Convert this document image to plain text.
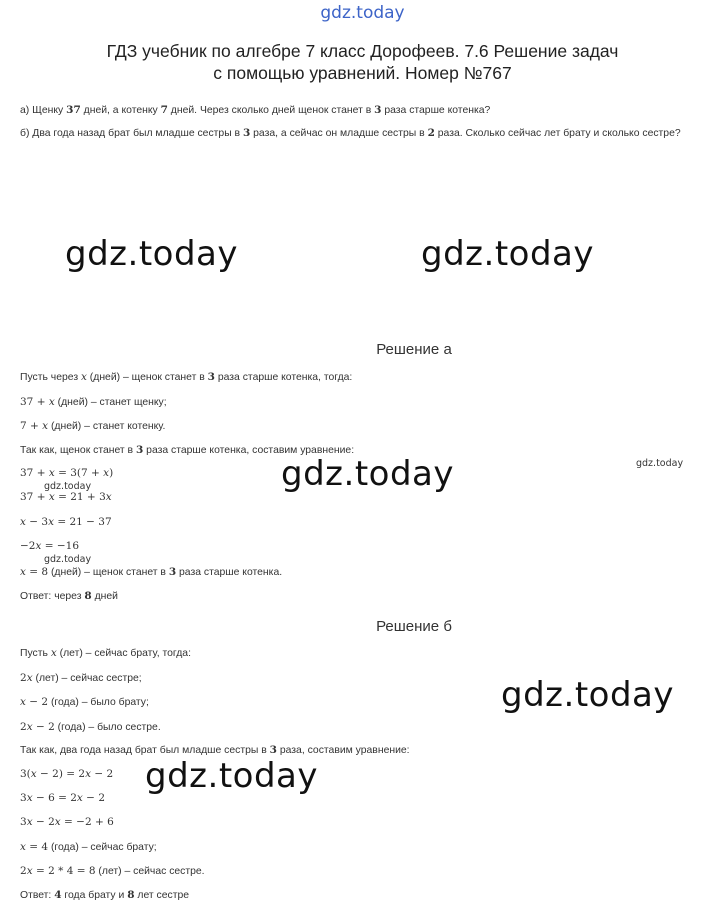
gdz.today
ГДЗ учебник по алгебре 7 класс Дорофеев. 7.6 Решение задач
с помощью уравнений. Номер №767
а) Щенку 37 дней, а котенку 7 дней. Через сколько дней щенок станет в 3 раза старше котенка?
б) Два года назад брат был младше сестры в 3 раза, а сейчас он младше сестры в 2 раза. Сколько сейчас лет брату и сколько сестре?
gdz.today	gdz.today
gdz.today	gdz.today
gdz.today
gdz.today
gdz.today
gdz.today
Решение а
Пусть через x (дней) – щенок станет в 3 раза старше котенка, тогда:
37 + x (дней) – станет щенку;
7 + x (дней) – станет котенку.
Так как, щенок станет в 3 раза старше котенка, составим уравнение:
37 + x = 3(7 + x)
37 + x = 21 + 3x
x − 3x = 21 − 37
−2x = −16
x = 8 (дней) – щенок станет в 3 раза старше котенка.
Ответ: через 8 дней
Решение б
Пусть x (лет) – сейчас брату, тогда:
2x (лет) – сейчас сестре;
x − 2 (года) – было брату;
2x − 2 (года) – было сестре.
Так как, два года назад брат был младше сестры в 3 раза, составим уравнение:
3(x − 2) = 2x − 2
3x − 6 = 2x − 2
3x − 2x = −2 + 6
x = 4 (года) – сейчас брату;
2x = 2 * 4 = 8 (лет) – сейчас сестре.
Ответ: 4 года брату и 8 лет сестре
